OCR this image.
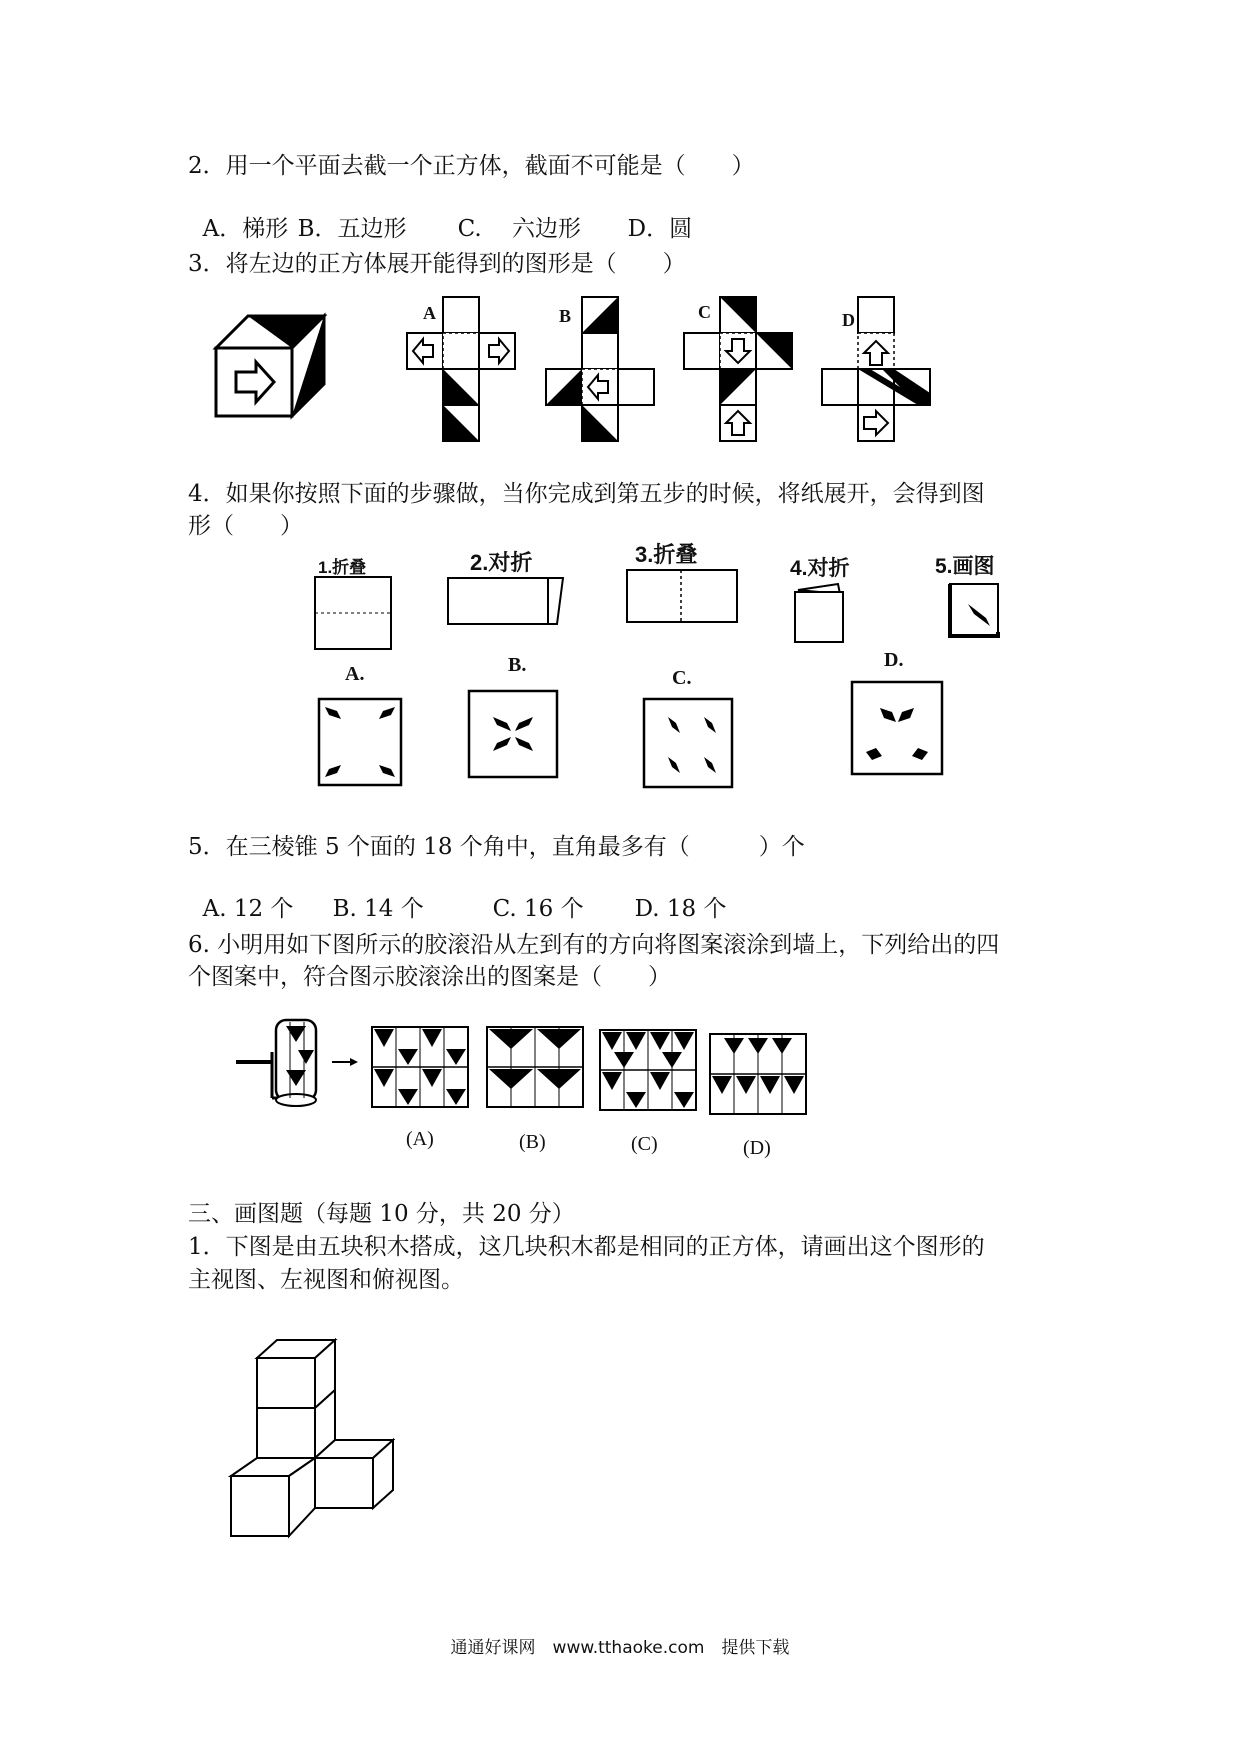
2．用一个平面去截一个正方体，截面不可能是（　　）

A．梯形 B．五边形 C.　 六边形 D．圆

3．将左边的正方体展开能得到的图形是（　　）
A	B	C	D
4．如果你按照下面的步骤做，当你完成到第五步的时候，将纸展开，会得到图
形（　　）
1.折叠	2.对折	3.折叠
4.对折	5.画图
A.	B.
C.
D.
5．在三棱锥 5 个面的 18 个角中，直角最多有（　　　）个

A. 12 个 B. 14 个	C. 16 个 D. 18 个

6. 小明用如下图所示的胶滚沿从左到有的方向将图案滚涂到墙上，下列给出的四
个图案中，符合图示胶滚涂出的图案是（　　）
(A)	(B)	(C)	(D)
三、画图题（每题 10 分，共 20 分）
1．下图是由五块积木搭成，这几块积木都是相同的正方体，请画出这个图形的
主视图、左视图和俯视图。
通通好课网　www.tthaoke.com　提供下载
